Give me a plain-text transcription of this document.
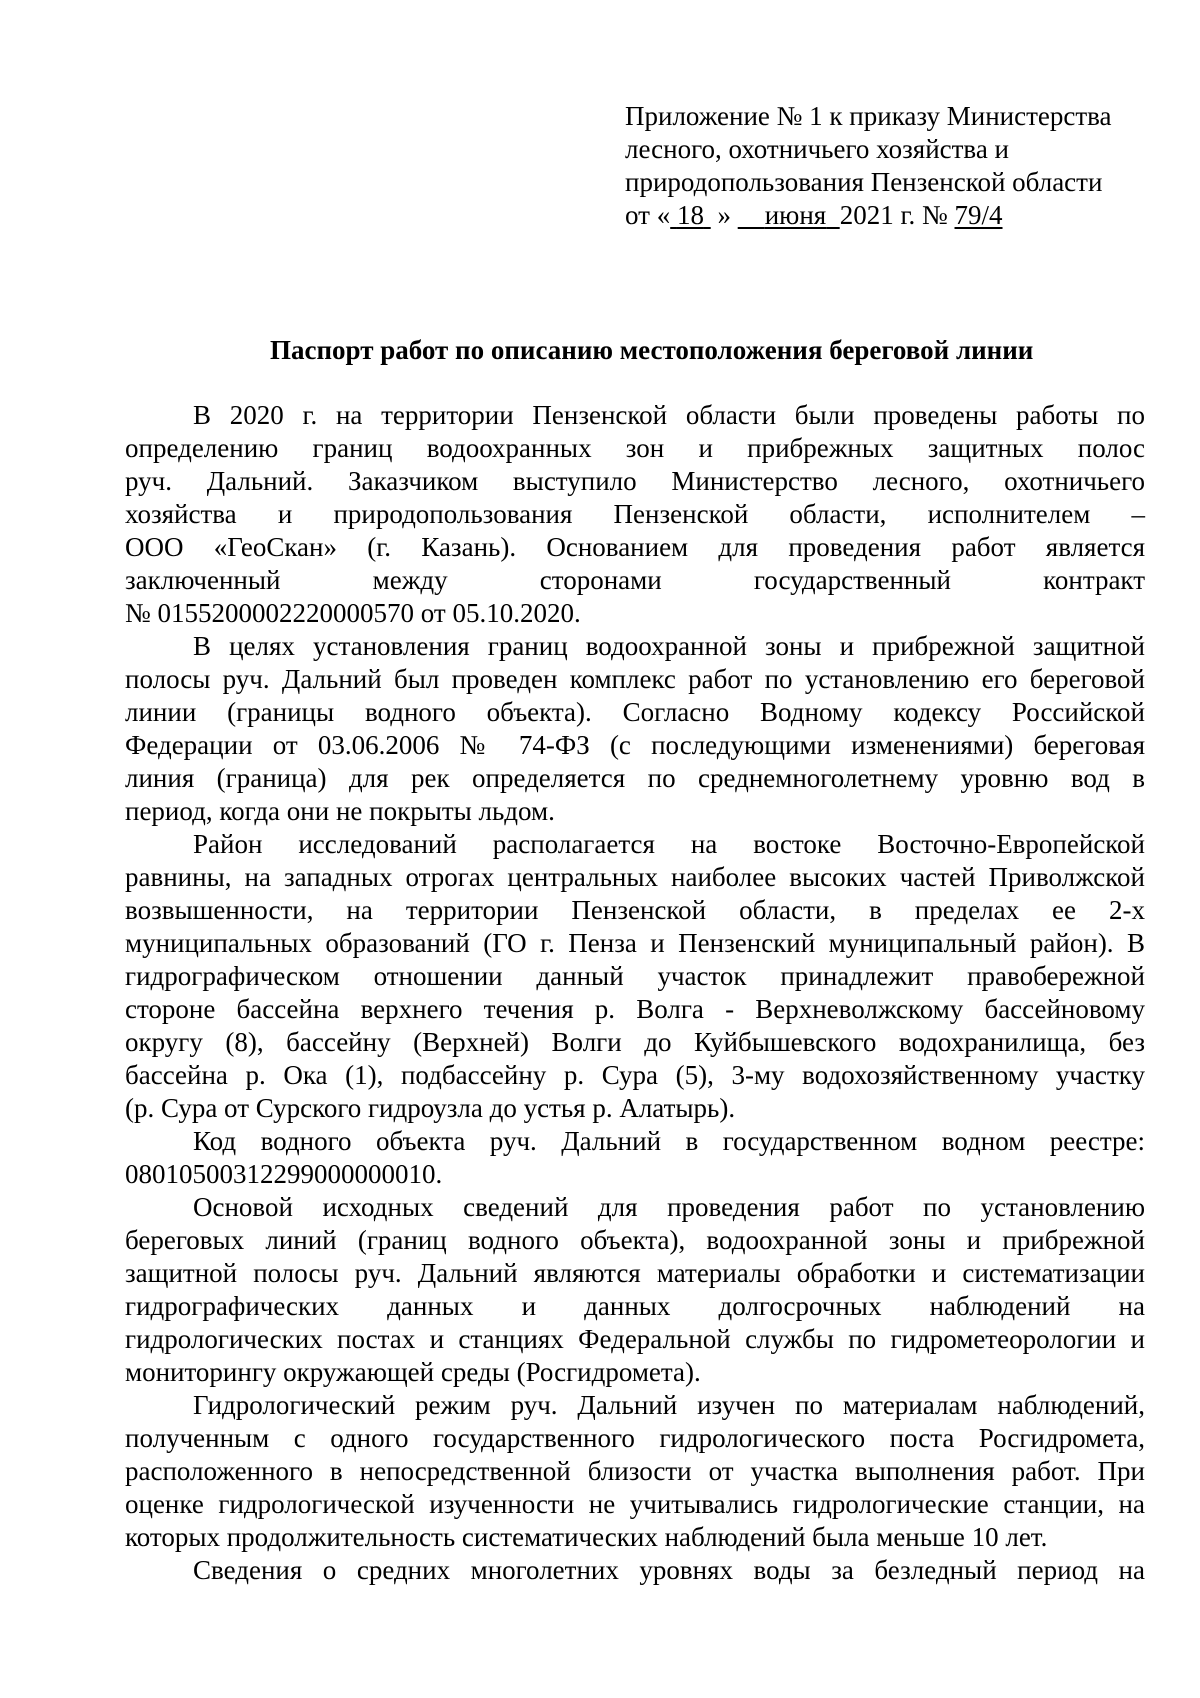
Приложение № 1 к приказу Министерства
лесного, охотничьего хозяйства и
природопользования Пензенской области
от « 18 » июня 2021 г. № 79/4
Паспорт работ по описанию местоположения береговой линии
В 2020 г. на территории Пензенской области были проведены работы по
определению границ водоохранных зон и прибрежных защитных полос
руч. Дальний. Заказчиком выступило Министерство лесного, охотничьего
хозяйства и природопользования Пензенской области, исполнителем –
ООО «ГеоСкан» (г. Казань). Основанием для проведения работ является
заключенный между сторонами государственный контракт
№ 0155200002220000570 от 05.10.2020.
В целях установления границ водоохранной зоны и прибрежной защитной
полосы руч. Дальний был проведен комплекс работ по установлению его береговой
линии (границы водного объекта). Согласно Водному кодексу Российской
Федерации от 03.06.2006 № 74-ФЗ (с последующими изменениями) береговая
линия (граница) для рек определяется по среднемноголетнему уровню вод в
период, когда они не покрыты льдом.
Район исследований располагается на востоке Восточно-Европейской
равнины, на западных отрогах центральных наиболее высоких частей Приволжской
возвышенности, на территории Пензенской области, в пределах ее 2-х
муниципальных образований (ГО г. Пенза и Пензенский муниципальный район). В
гидрографическом отношении данный участок принадлежит правобережной
стороне бассейна верхнего течения р. Волга - Верхневолжскому бассейновому
округу (8), бассейну (Верхней) Волги до Куйбышевского водохранилища, без
бассейна р. Ока (1), подбассейну р. Сура (5), 3-му водохозяйственному участку
(р. Сура от Сурского гидроузла до устья р. Алатырь).
Код водного объекта руч. Дальний в государственном водном реестре:
08010500312299000000010.
Основой исходных сведений для проведения работ по установлению
береговых линий (границ водного объекта), водоохранной зоны и прибрежной
защитной полосы руч. Дальний являются материалы обработки и систематизации
гидрографических данных и данных долгосрочных наблюдений на
гидрологических постах и станциях Федеральной службы по гидрометеорологии и
мониторингу окружающей среды (Росгидромета).
Гидрологический режим руч. Дальний изучен по материалам наблюдений,
полученным с одного государственного гидрологического поста Росгидромета,
расположенного в непосредственной близости от участка выполнения работ. При
оценке гидрологической изученности не учитывались гидрологические станции, на
которых продолжительность систематических наблюдений была меньше 10 лет.
Сведения о средних многолетних уровнях воды за безледный период на
